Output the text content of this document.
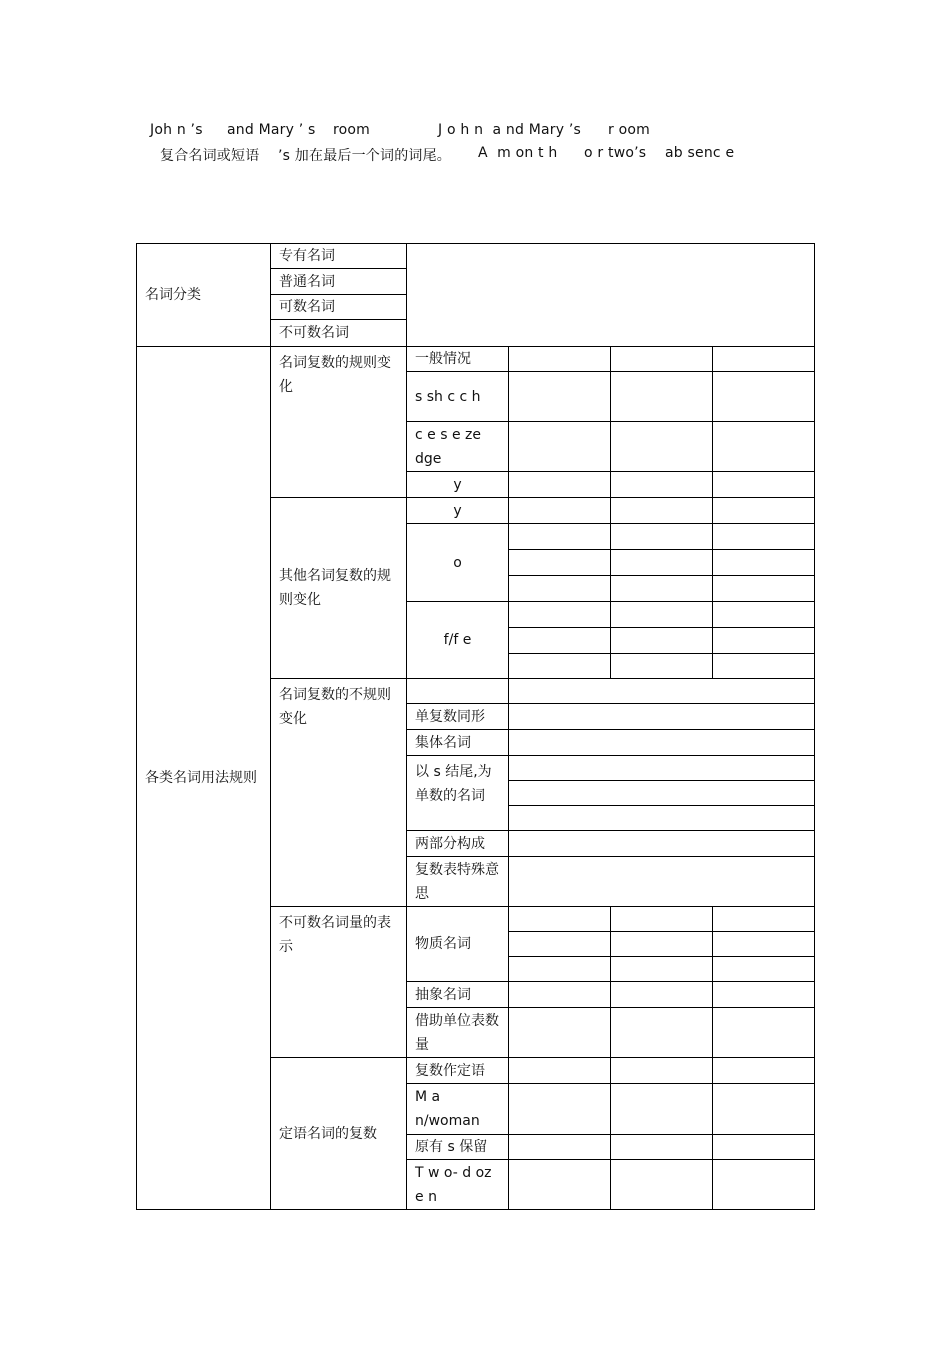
Joh n ’s

and Mary ’ s

room

	J o h n  a nd Mary ’s

r oom

复合名词或短语

’s 加在最后一个词的词尾。

A  m on t h

o r two’s

ab senc e

名词分类	专有名词				
	普通名词				
	可数名词				
	不可数名词				
各类名词用法规则	名词复数的规则变化	一般情况			
		s sh c c h			
		c e s e ze dge			
		y			
	其他名词复数的规则变化	y			
		o			

		f/f e			

	名词复数的不规则变化				
		单复数同形			
		集体名词			
		以 s 结尾,为单数的名词			

		两部分构成			
		复数表特殊意思			
	不可数名词量的表示	物质名词			

		抽象名词			
		借助单位表数量			
	定语名词的复数	复数作定语			
		M a n/woman			
		原有 s 保留			
		T w o- d oz e n			
